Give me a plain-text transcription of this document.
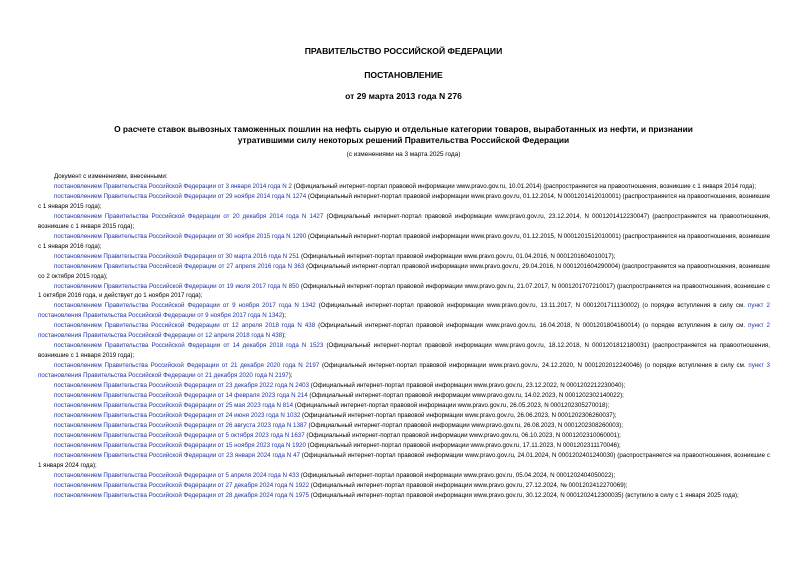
ПРАВИТЕЛЬСТВО РОССИЙСКОЙ ФЕДЕРАЦИИ
ПОСТАНОВЛЕНИЕ
от 29 марта 2013 года N 276
О расчете ставок вывозных таможенных пошлин на нефть сырую и отдельные категории товаров, выработанных из нефти, и признании утратившими силу некоторых решений Правительства Российской Федерации
(с изменениями на 3 марта 2025 года)
Документ с изменениями, внесенными:

постановлением Правительства Российской Федерации от 3 января 2014 года N 2 (Официальный интернет-портал правовой информации www.pravo.gov.ru, 10.01.2014) (распространяется на правоотношения, возникшие с 1 января 2014 года);

постановлением Правительства Российской Федерации от 29 ноября 2014 года N 1274 (Официальный интернет-портал правовой информации www.pravo.gov.ru, 01.12.2014, N 0001201412010001) (распространяется на правоотношения, возникшие с 1 января 2015 года);

постановлением Правительства Российской Федерации от 20 декабря 2014 года N 1427 (Официальный интернет-портал правовой информации www.pravo.gov.ru, 23.12.2014, N 0001201412230047) (распространяется на правоотношения, возникшие с 1 января 2015 года);

постановлением Правительства Российской Федерации от 30 ноября 2015 года N 1290 (Официальный интернет-портал правовой информации www.pravo.gov.ru, 01.12.2015, N 0001201512010001) (распространяется на правоотношения, возникшие с 1 января 2016 года);

постановлением Правительства Российской Федерации от 30 марта 2016 года N 251 (Официальный интернет-портал правовой информации www.pravo.gov.ru, 01.04.2016, N 0001201604010017);

постановлением Правительства Российской Федерации от 27 апреля 2016 года N 363 (Официальный интернет-портал правовой информации www.pravo.gov.ru, 29.04.2016, N 0001201604290004) (распространяется на правоотношения, возникшие со 2 октября 2015 года);

постановлением Правительства Российской Федерации от 19 июля 2017 года N 850 (Официальный интернет-портал правовой информации www.pravo.gov.ru, 21.07.2017, N 0001201707210017) (распространяется на правоотношения, возникшие с 1 октября 2016 года, и действует до 1 ноября 2017 года);

постановлением Правительства Российской Федерации от 9 ноября 2017 года N 1342 (Официальный интернет-портал правовой информации www.pravo.gov.ru, 13.11.2017, N 0001201711130002) (о порядке вступления в силу см. пункт 2 постановления Правительства Российской Федерации от 9 ноября 2017 года N 1342);

постановлением Правительства Российской Федерации от 12 апреля 2018 года N 438 (Официальный интернет-портал правовой информации www.pravo.gov.ru, 16.04.2018, N 0001201804160014) (о порядке вступления в силу см. пункт 2 постановления Правительства Российской Федерации от 12 апреля 2018 года N 438);

постановлением Правительства Российской Федерации от 14 декабря 2018 года N 1523 (Официальный интернет-портал правовой информации www.pravo.gov.ru, 18.12.2018, N 0001201812180031) (распространяется на правоотношения, возникшие с 1 января 2019 года);

постановлением Правительства Российской Федерации от 21 декабря 2020 года N 2197 (Официальный интернет-портал правовой информации www.pravo.gov.ru, 24.12.2020, N 0001202012240046) (о порядке вступления в силу см. пункт 3 постановления Правительства Российской Федерации от 21 декабря 2020 года N 2197);

постановлением Правительства Российской Федерации от 23 декабря 2022 года N 2403 (Официальный интернет-портал правовой информации www.pravo.gov.ru, 23.12.2022, N 0001202212230040);

постановлением Правительства Российской Федерации от 14 февраля 2023 года N 214 (Официальный интернет-портал правовой информации www.pravo.gov.ru, 14.02.2023, N 0001202302140022);

постановлением Правительства Российской Федерации от 25 мая 2023 года N 814 (Официальный интернет-портал правовой информации www.pravo.gov.ru, 26.05.2023, N 0001202305270018);

постановлением Правительства Российской Федерации от 24 июня 2023 года N 1032 (Официальный интернет-портал правовой информации www.pravo.gov.ru, 26.06.2023, N 0001202306260037);

постановлением Правительства Российской Федерации от 26 августа 2023 года N 1387 (Официальный интернет-портал правовой информации www.pravo.gov.ru, 26.08.2023, N 0001202308260003);

постановлением Правительства Российской Федерации от 5 октября 2023 года N 1637 (Официальный интернет-портал правовой информации www.pravo.gov.ru, 06.10.2023, N 0001202310060001);

постановлением Правительства Российской Федерации от 15 ноября 2023 года N 1920 (Официальный интернет-портал правовой информации www.pravo.gov.ru, 17.11.2023, N 0001202311170046);

постановлением Правительства Российской Федерации от 23 января 2024 года N 47 (Официальный интернет-портал правовой информации www.pravo.gov.ru, 24.01.2024, N 0001202401240030) (распространяется на правоотношения, возникшие с 1 января 2024 года);

постановлением Правительства Российской Федерации от 5 апреля 2024 года N 433 (Официальный интернет-портал правовой информации www.pravo.gov.ru, 05.04.2024, N 0001202404050022);

постановлением Правительства Российской Федерации от 27 декабря 2024 года N 1922 (Официальный интернет-портал правовой информации www.pravo.gov.ru, 27.12.2024, № 0001202412270069);

постановлением Правительства Российской Федерации от 28 декабря 2024 года N 1975 (Официальный интернет-портал правовой информации www.pravo.gov.ru, 30.12.2024, N 0001202412300035) (вступило в силу с 1 января 2025 года);
